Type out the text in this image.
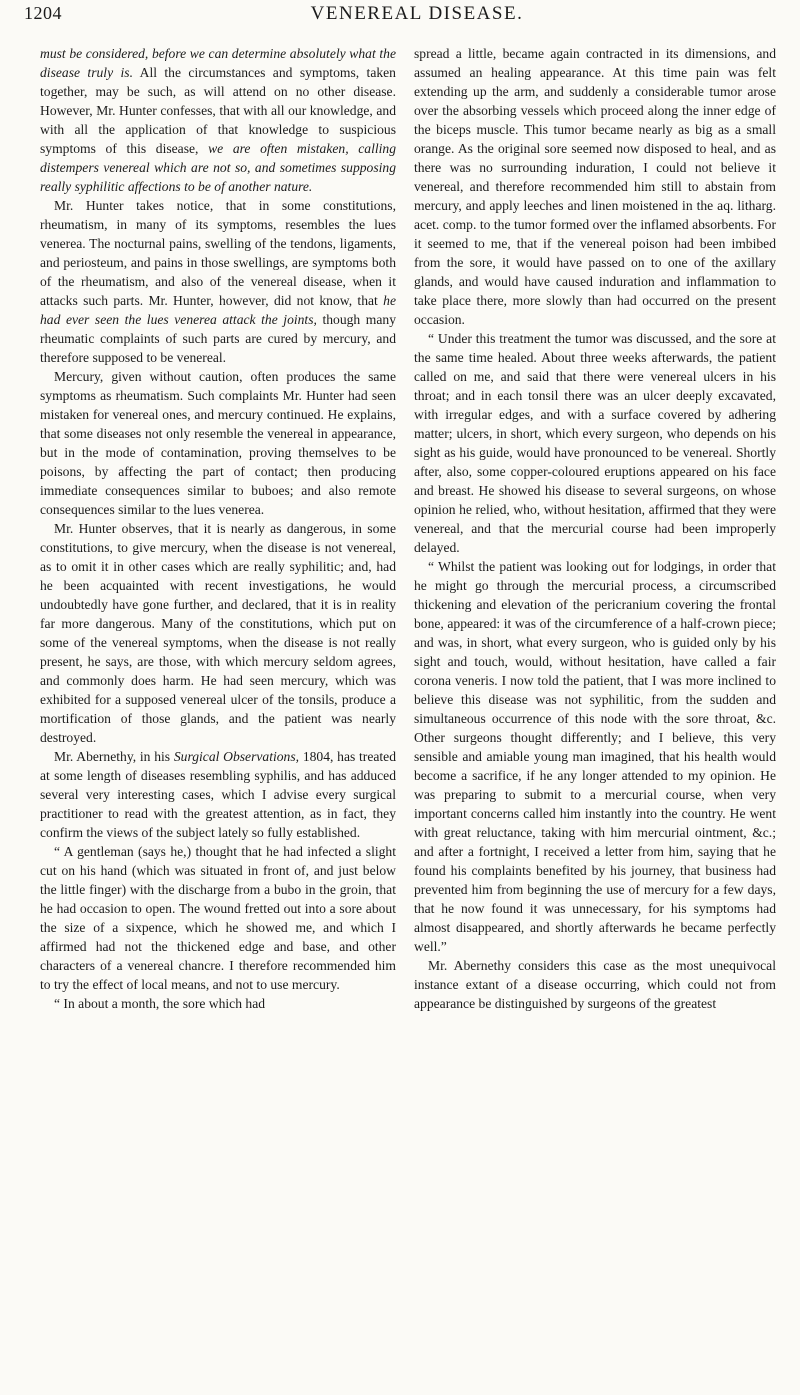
1204	VENEREAL DISEASE.

must be considered, before we can determine absolutely what the disease truly is. All the circumstances and symptoms, taken together, may be such, as will attend on no other disease. However, Mr. Hunter confesses, that with all our knowledge, and with all the application of that knowledge to suspicious symptoms of this disease, we are often mistaken, calling distempers venereal which are not so, and sometimes supposing really syphilitic affections to be of another nature.

Mr. Hunter takes notice, that in some constitutions, rheumatism, in many of its symptoms, resembles the lues venerea. The nocturnal pains, swelling of the tendons, ligaments, and periosteum, and pains in those swellings, are symptoms both of the rheumatism, and also of the venereal disease, when it attacks such parts. Mr. Hunter, however, did not know, that he had ever seen the lues venerea attack the joints, though many rheumatic complaints of such parts are cured by mercury, and therefore supposed to be venereal.

Mercury, given without caution, often produces the same symptoms as rheumatism. Such complaints Mr. Hunter had seen mistaken for venereal ones, and mercury continued. He explains, that some diseases not only resemble the venereal in appearance, but in the mode of contamination, proving themselves to be poisons, by affecting the part of contact; then producing immediate consequences similar to buboes; and also remote consequences similar to the lues venerea.

Mr. Hunter observes, that it is nearly as dangerous, in some constitutions, to give mercury, when the disease is not venereal, as to omit it in other cases which are really syphilitic; and, had he been acquainted with recent investigations, he would undoubtedly have gone further, and declared, that it is in reality far more dangerous. Many of the constitutions, which put on some of the venereal symptoms, when the disease is not really present, he says, are those, with which mercury seldom agrees, and commonly does harm. He had seen mercury, which was exhibited for a supposed venereal ulcer of the tonsils, produce a mortification of those glands, and the patient was nearly destroyed.

Mr. Abernethy, in his Surgical Observations, 1804, has treated at some length of diseases resembling syphilis, and has adduced several very interesting cases, which I advise every surgical practitioner to read with the greatest attention, as in fact, they confirm the views of the subject lately so fully established.

“ A gentleman (says he,) thought that he had infected a slight cut on his hand (which was situated in front of, and just below the little finger) with the discharge from a bubo in the groin, that he had occasion to open. The wound fretted out into a sore about the size of a sixpence, which he showed me, and which I affirmed had not the thickened edge and base, and other characters of a venereal chancre. I therefore recommended him to try the effect of local means, and not to use mercury.

“ In about a month, the sore which had

spread a little, became again contracted in its dimensions, and assumed an healing appearance. At this time pain was felt extending up the arm, and suddenly a considerable tumor arose over the absorbing vessels which proceed along the inner edge of the biceps muscle. This tumor became nearly as big as a small orange. As the original sore seemed now disposed to heal, and as there was no surrounding induration, I could not believe it venereal, and therefore recommended him still to abstain from mercury, and apply leeches and linen moistened in the aq. litharg. acet. comp. to the tumor formed over the inflamed absorbents. For it seemed to me, that if the venereal poison had been imbibed from the sore, it would have passed on to one of the axillary glands, and would have caused induration and inflammation to take place there, more slowly than had occurred on the present occasion.

“ Under this treatment the tumor was discussed, and the sore at the same time healed. About three weeks afterwards, the patient called on me, and said that there were venereal ulcers in his throat; and in each tonsil there was an ulcer deeply excavated, with irregular edges, and with a surface covered by adhering matter; ulcers, in short, which every surgeon, who depends on his sight as his guide, would have pronounced to be venereal. Shortly after, also, some copper-coloured eruptions appeared on his face and breast. He showed his disease to several surgeons, on whose opinion he relied, who, without hesitation, affirmed that they were venereal, and that the mercurial course had been improperly delayed.

“ Whilst the patient was looking out for lodgings, in order that he might go through the mercurial process, a circumscribed thickening and elevation of the pericranium covering the frontal bone, appeared: it was of the circumference of a half-crown piece; and was, in short, what every surgeon, who is guided only by his sight and touch, would, without hesitation, have called a fair corona veneris. I now told the patient, that I was more inclined to believe this disease was not syphilitic, from the sudden and simultaneous occurrence of this node with the sore throat, &c. Other surgeons thought differently; and I believe, this very sensible and amiable young man imagined, that his health would become a sacrifice, if he any longer attended to my opinion. He was preparing to submit to a mercurial course, when very important concerns called him instantly into the country. He went with great reluctance, taking with him mercurial ointment, &c.; and after a fortnight, I received a letter from him, saying that he found his complaints benefited by his journey, that business had prevented him from beginning the use of mercury for a few days, that he now found it was unnecessary, for his symptoms had almost disappeared, and shortly afterwards he became perfectly well.”

Mr. Abernethy considers this case as the most unequivocal instance extant of a disease occurring, which could not from appearance be distinguished by surgeons of the greatest
